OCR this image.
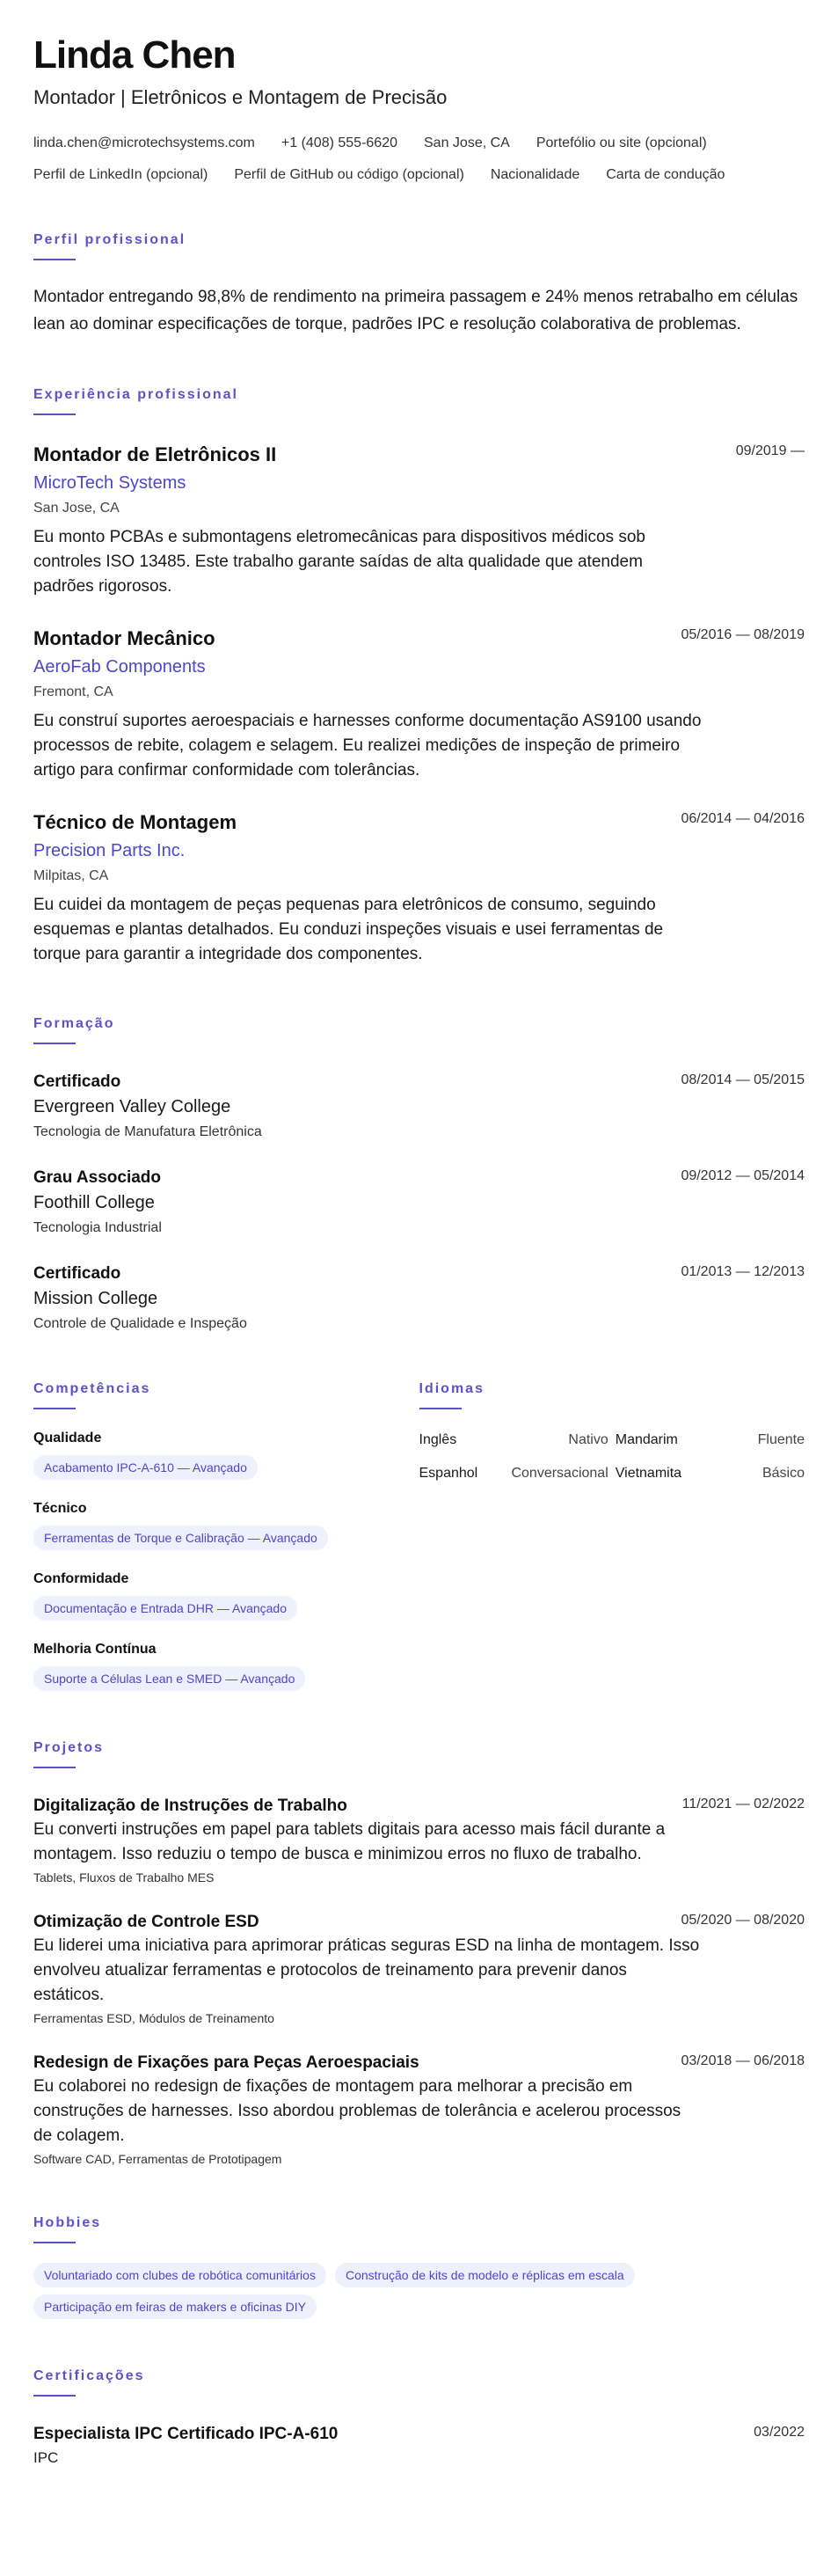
Linda Chen
Montador | Eletrônicos e Montagem de Precisão
linda.chen@microtechsystems.com +1 (408) 555-6620 San Jose, CA Portefólio ou site (opcional)
Perfil de LinkedIn (opcional) Perfil de GitHub ou código (opcional) Nacionalidade Carta de condução
Perfil profissional
Montador entregando 98,8% de rendimento na primeira passagem e 24% menos retrabalho em células lean ao dominar especificações de torque, padrões IPC e resolução colaborativa de problemas.
Experiência profissional
09/2019 —
Montador de Eletrônicos II
MicroTech Systems
San Jose, CA
Eu monto PCBAs e submontagens eletromecânicas para dispositivos médicos sob controles ISO 13485. Este trabalho garante saídas de alta qualidade que atendem padrões rigorosos.
05/2016 — 08/2019
Montador Mecânico
AeroFab Components
Fremont, CA
Eu construí suportes aeroespaciais e harnesses conforme documentação AS9100 usando processos de rebite, colagem e selagem. Eu realizei medições de inspeção de primeiro artigo para confirmar conformidade com tolerâncias.
06/2014 — 04/2016
Técnico de Montagem
Precision Parts Inc.
Milpitas, CA
Eu cuidei da montagem de peças pequenas para eletrônicos de consumo, seguindo esquemas e plantas detalhados. Eu conduzi inspeções visuais e usei ferramentas de torque para garantir a integridade dos componentes.
Formação
08/2014 — 05/2015
Certificado
Evergreen Valley College
Tecnologia de Manufatura Eletrônica
09/2012 — 05/2014
Grau Associado
Foothill College
Tecnologia Industrial
01/2013 — 12/2013
Certificado
Mission College
Controle de Qualidade e Inspeção
Competências
Qualidade
Acabamento IPC-A-610 — Avançado
Técnico
Ferramentas de Torque e Calibração — Avançado
Conformidade
Documentação e Entrada DHR — Avançado
Melhoria Contínua
Suporte a Células Lean e SMED — Avançado
Idiomas
Inglês	Nativo Mandarim	Fluente
Espanhol Conversacional Vietnamita	Básico
Projetos
11/2021 — 02/2022
Digitalização de Instruções de Trabalho
Eu converti instruções em papel para tablets digitais para acesso mais fácil durante a montagem. Isso reduziu o tempo de busca e minimizou erros no fluxo de trabalho.
Tablets, Fluxos de Trabalho MES
05/2020 — 08/2020
Otimização de Controle ESD
Eu liderei uma iniciativa para aprimorar práticas seguras ESD na linha de montagem. Isso envolveu atualizar ferramentas e protocolos de treinamento para prevenir danos estáticos.
Ferramentas ESD, Módulos de Treinamento
03/2018 — 06/2018
Redesign de Fixações para Peças Aeroespaciais
Eu colaborei no redesign de fixações de montagem para melhorar a precisão em construções de harnesses. Isso abordou problemas de tolerância e acelerou processos de colagem.
Software CAD, Ferramentas de Prototipagem
Hobbies
Voluntariado com clubes de robótica comunitários Construção de kits de modelo e réplicas em escala
Participação em feiras de makers e oficinas DIY
Certificações
03/2022
Especialista IPC Certificado IPC-A-610
IPC
